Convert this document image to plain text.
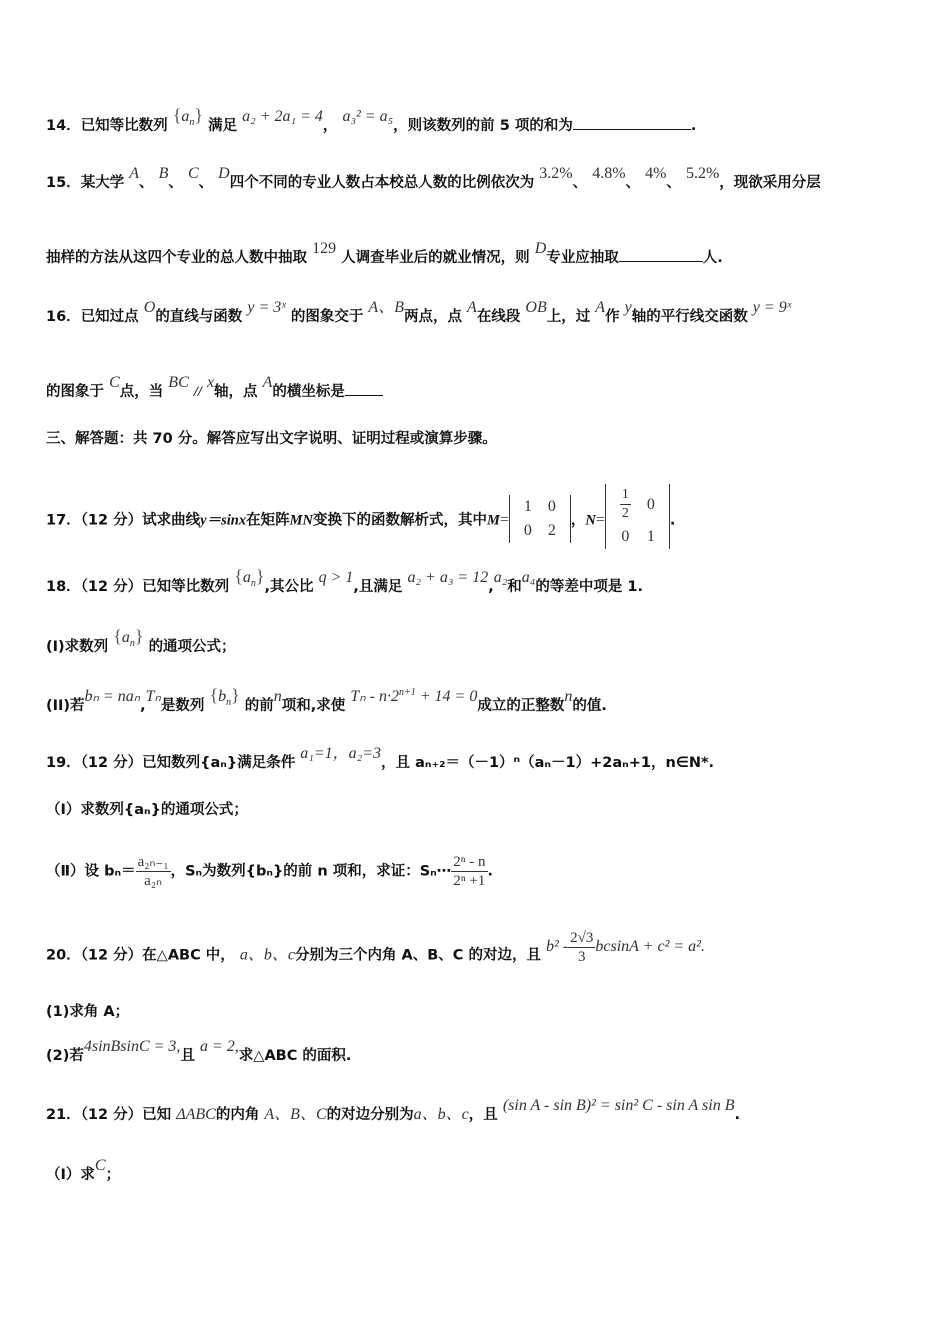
14．已知等比数列 $\{a_n\}$ 满足 a₂ + 2a₁ = 4， a₃² = a₅，则该数列的前 5 项的和为	.
15．某大学 A、 B、 C、 D四个不同的专业人数占本校总人数的比例依次为 3.2%、 4.8%、 4%、 5.2%，现欲采用分层
抽样的方法从这四个专业的总人数中抽取 129 人调查毕业后的就业情况，则 D专业应抽取	人.
16．已知过点 O的直线与函数 y = 3ˣ 的图象交于 A、B两点，点 A在线段 OB上，过 A作 y轴的平行线交函数 y = 9ˣ
的图象于 C点，当 BC // x轴，点 A的横坐标是
三、解答题：共 70 分。解答应写出文字说明、证明过程或演算步骤。
17．（12 分）试求曲线y＝sinx在矩阵MN变换下的函数解析式，其中M=
1	0
0	2
，$N= \frac{1}{2}$	0
0	1
.
18．（12 分）已知等比数列 $\{a_n\}$,其公比 q > 1,且满足 a₂ + a₃ = 12,a₂和a₄的等差中项是 1.
(I)求数列 $\{a_n\}$ 的通项公式；
(II)若bₙ = naₙ,Tₙ是数列 $\{b_n\}$ 的前n项和,求使 $T_n - n\cdot 2^{n+1} + 14 = 0$成立的正整数n的值.
19．（12 分）已知数列{aₙ}满足条件 a₁=1，a₂=3，且 aₙ₊₂＝（－1）ⁿ（aₙ－1）+2aₙ+1，n∈N*.
（Ⅰ）求数列{aₙ}的通项公式；
（Ⅱ）设 $b_n= \frac{\text{a₂ₙ₋₁}}{\text{a₂ₙ}}$ ，Sₙ为数列{bₙ}的前 n 项和，求证：Sₙ⋯ $\frac{\text{2ⁿ - n}}{\text{2ⁿ +1}}$ .
20．（12 分）在△ABC 中， a、b、c分别为三个内角 A、B、C 的对边，且 $b^2 - \frac{2√3}{3}$ bcsinA + c² = a².
(1)求角 A；
(2)若4sinBsinC = 3,且 a = 2,求△ABC 的面积.
21．（12 分）已知 ΔABC的内角 A、B、C的对边分别为a、b、c，且 (sin A - sin B)² = sin² C - sin A sin B.
（Ⅰ）求C；
